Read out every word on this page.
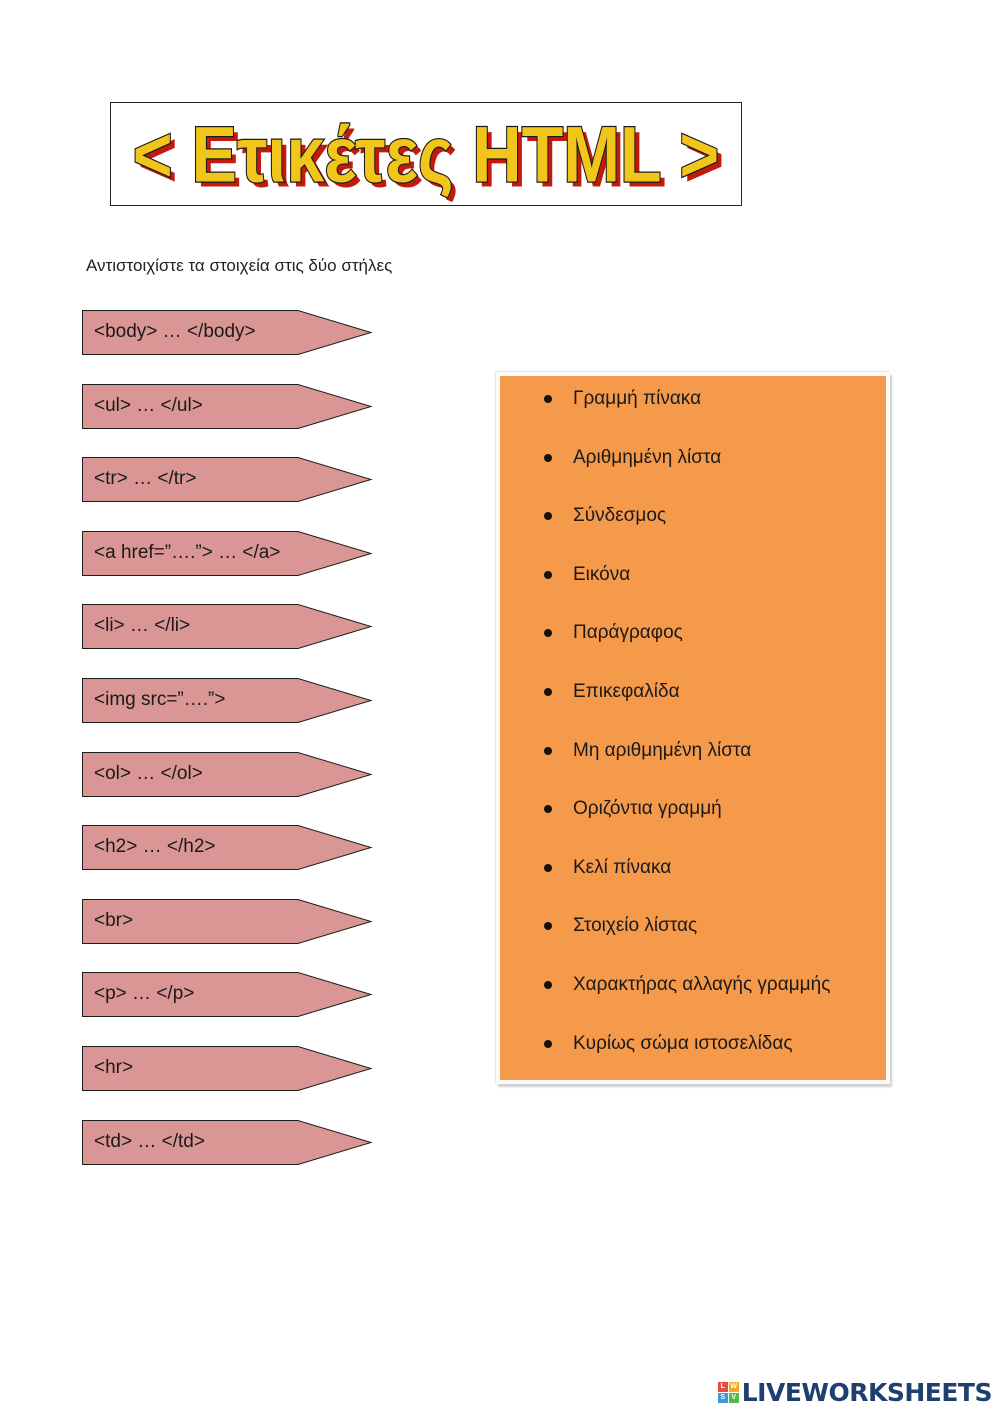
< Ετικέτες HTML >
< Ετικέτες HTML >
Αντιστοιχίστε τα στοιχεία στις δύο στήλες
<body> … </body>
<ul> … </ul>
<tr> … </tr>
<a href=”….”> … </a>
<li> … </li>
<img src=”….”>
<ol> … </ol>
<h2> … </h2>
<br>
<p> … </p>
<hr>
<td> … </td>
Γραμμή πίνακα
Αριθμημένη λίστα
Σύνδεσμος
Εικόνα
Παράγραφος
Επικεφαλίδα
Μη αριθμημένη λίστα
Οριζόντια γραμμή
Κελί πίνακα
Στοιχείο λίστας
Χαρακτήρας αλλαγής γραμμής
Κυρίως σώμα ιστοσελίδας
L W
S V LIVEWORKSHEETS
